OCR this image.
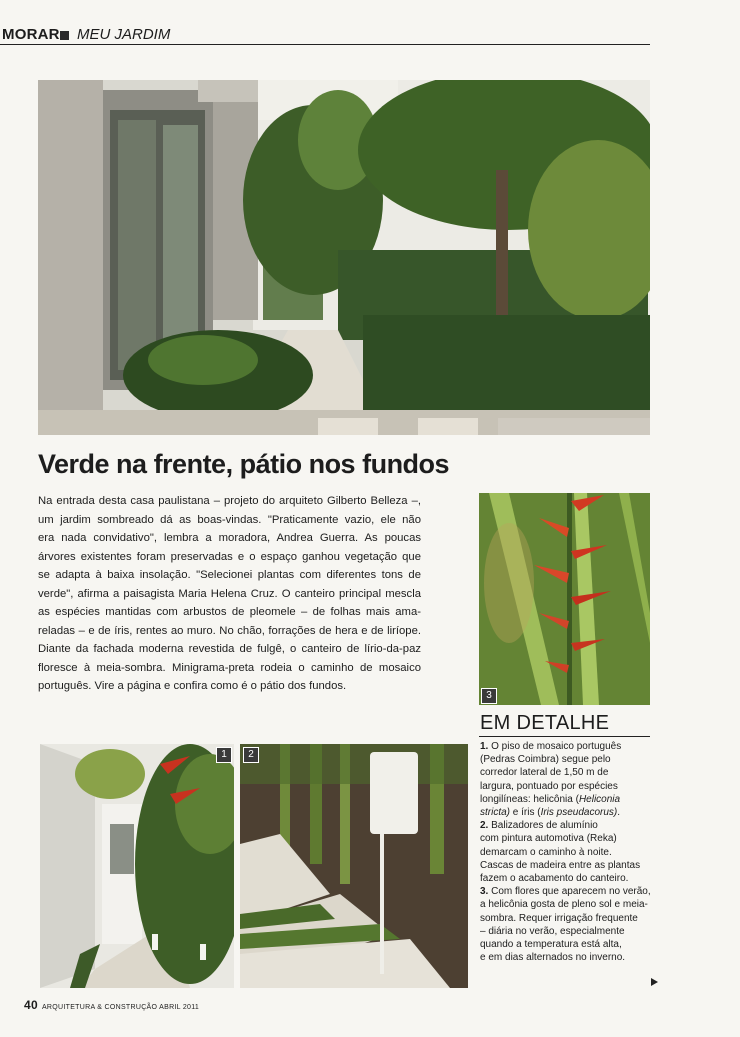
MORAR MEU JARDIM
Verde na frente, pátio nos fundos
Na entrada desta casa paulistana – projeto do arquiteto Gilberto Belleza –,
um jardim sombreado dá as boas-vindas. "Praticamente vazio, ele não
era nada convidativo", lembra a moradora, Andrea Guerra. As poucas
árvores existentes foram preservadas e o espaço ganhou vegetação que
se adapta à baixa insolação. "Selecionei plantas com diferentes tons de
verde", afirma a paisagista Maria Helena Cruz. O canteiro principal mescla
as espécies mantidas com arbustos de pleomele – de folhas mais ama-
reladas – e de íris, rentes ao muro. No chão, forrações de hera e de liríope.
Diante da fachada moderna revestida de fulgê, o canteiro de lírio-da-paz
floresce à meia-sombra. Minigrama-preta rodeia o caminho de mosaico
português. Vire a página e confira como é o pátio dos fundos.
3
EM DETALHE
1. O piso de mosaico português
(Pedras Coimbra) segue pelo
corredor lateral de 1,50 m de
largura, pontuado por espécies
longilíneas: helicônia (Heliconia
stricta) e íris (Iris pseudacorus).
2. Balizadores de alumínio
com pintura automotiva (Reka)
demarcam o caminho à noite.
Cascas de madeira entre as plantas
fazem o acabamento do canteiro.
3. Com flores que aparecem no verão,
a helicônia gosta de pleno sol e meia-
sombra. Requer irrigação frequente
– diária no verão, especialmente
quando a temperatura está alta,
e em dias alternados no inverno.
1	2
40 ARQUITETURA & CONSTRUÇÃO ABRIL 2011
